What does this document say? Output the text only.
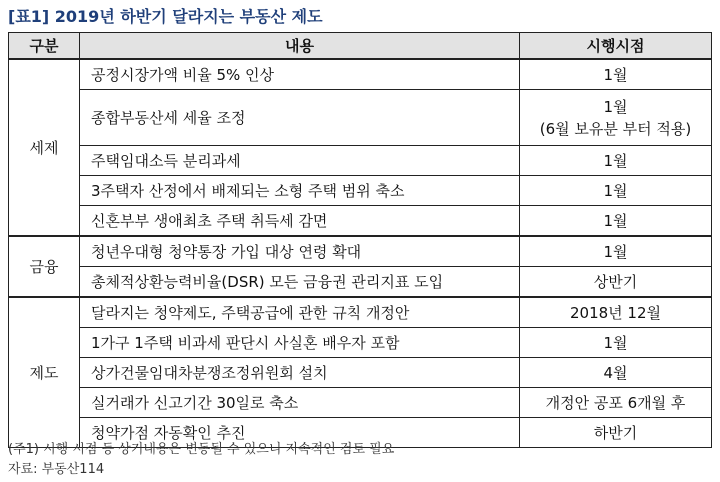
[표1] 2019년 하반기 달라지는 부동산 제도
구분	내용	시행시점
세제	공정시장가액 비율 5% 인상	1월
	종합부동산세 세율 조정	1월
(6월 보유분 부터 적용)

	주택임대소득 분리과세	1월
	3주택자 산정에서 배제되는 소형 주택 범위 축소	1월
	신혼부부 생애최초 주택 취득세 감면	1월
금융	청년우대형 청약통장 가입 대상 연령 확대	1월
	총체적상환능력비율(DSR) 모든 금융권 관리지표 도입	상반기
제도	달라지는 청약제도, 주택공급에 관한 규칙 개정안	2018년 12월
	1가구 1주택 비과세 판단시 사실혼 배우자 포함	1월
	상가건물임대차분쟁조정위원회 설치	4월
	실거래가 신고기간 30일로 축소	개정안 공포 6개월 후
	청약가점 자동확인 추진	하반기
(주1) 시행 시점 등 상기내용은 변동될 수 있으니 지속적인 검토 필요
자료: 부동산114
